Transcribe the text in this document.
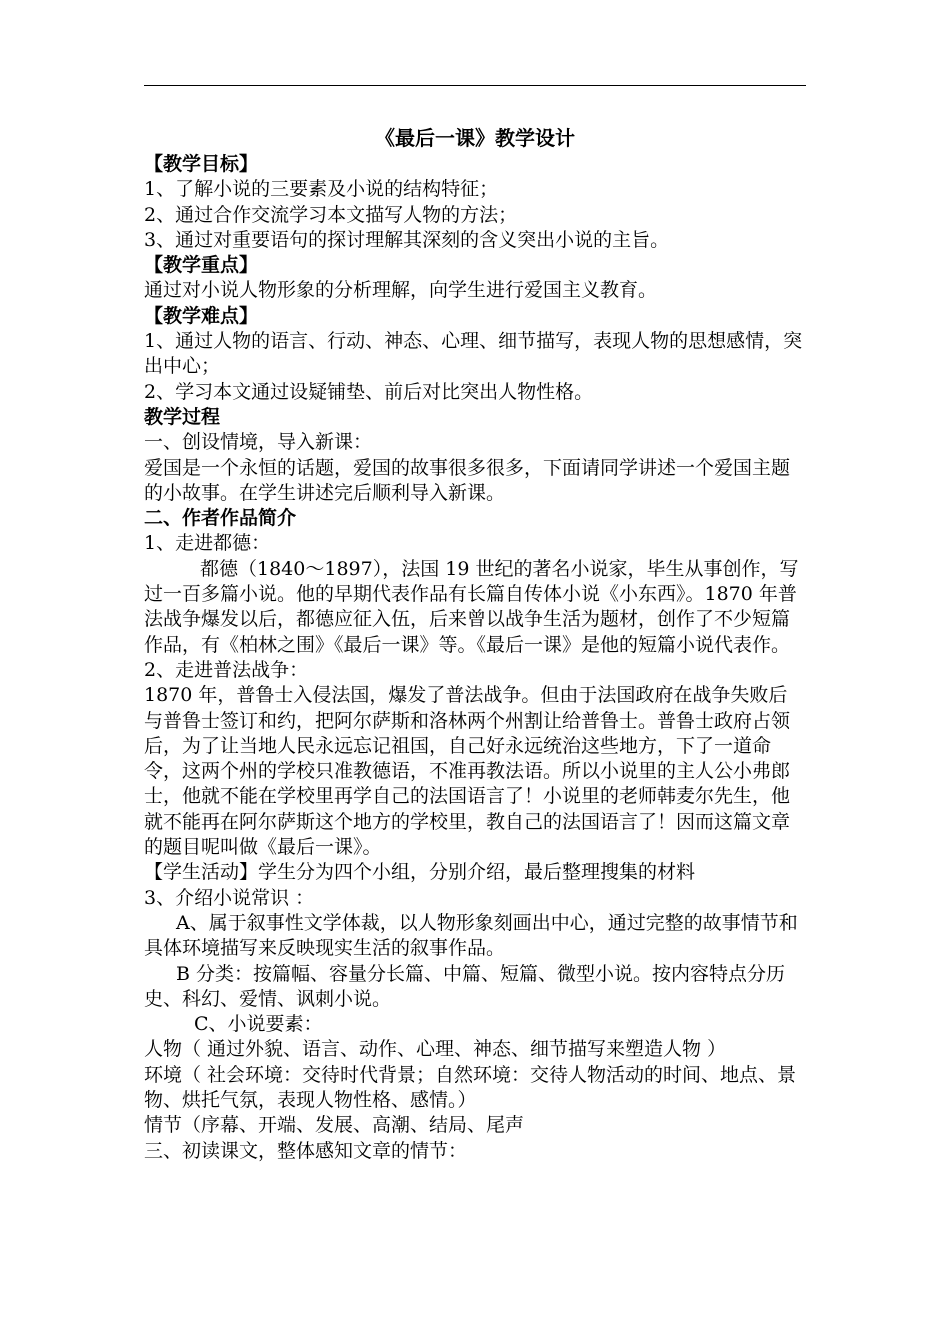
《最后一课》教学设计

【教学目标】

1、了解小说的三要素及小说的结构特征；

2、通过合作交流学习本文描写人物的方法；

3、通过对重要语句的探讨理解其深刻的含义突出小说的主旨。

【教学重点】

通过对小说人物形象的分析理解，向学生进行爱国主义教育。

【教学难点】

1、通过人物的语言、行动、神态、心理、细节描写，表现人物的思想感情，突出中心；

2、学习本文通过设疑铺垫、前后对比突出人物性格。

教学过程

一、创设情境，导入新课：

爱国是一个永恒的话题，爱国的故事很多很多，下面请同学讲述一个爱国主题的小故事。在学生讲述完后顺利导入新课。

二、作者作品简介

1、走进都德：

都德（1840～1897），法国 19 世纪的著名小说家，毕生从事创作，写过一百多篇小说。他的早期代表作品有长篇自传体小说《小东西》。1870 年普法战争爆发以后，都德应征入伍，后来曾以战争生活为题材，创作了不少短篇作品，有《柏林之围》《最后一课》等。《最后一课》是他的短篇小说代表作。

2、走进普法战争：

1870 年，普鲁士入侵法国，爆发了普法战争。但由于法国政府在战争失败后与普鲁士签订和约，把阿尔萨斯和洛林两个州割让给普鲁士。普鲁士政府占领后，为了让当地人民永远忘记祖国，自己好永远统治这些地方，下了一道命令，这两个州的学校只准教德语，不准再教法语。所以小说里的主人公小弗郎士，他就不能在学校里再学自己的法国语言了！小说里的老师韩麦尔先生，他就不能再在阿尔萨斯这个地方的学校里，教自己的法国语言了！因而这篇文章的题目呢叫做《最后一课》。

【学生活动】学生分为四个小组，分别介绍，最后整理搜集的材料

3、介绍小说常识 ：

A、属于叙事性文学体裁，以人物形象刻画出中心，通过完整的故事情节和具体环境描写来反映现实生活的叙事作品。

B 分类：按篇幅、容量分长篇、中篇、短篇、微型小说。按内容特点分历史、科幻、爱情、讽刺小说。

C、小说要素：

人物（ 通过外貌、语言、动作、心理、神态、细节描写来塑造人物 ）

环境（ 社会环境：交待时代背景；自然环境：交待人物活动的时间、地点、景物、烘托气氛，表现人物性格、感情。）

情节（序幕、开端、发展、高潮、结局、尾声

三、初读课文，整体感知文章的情节：
